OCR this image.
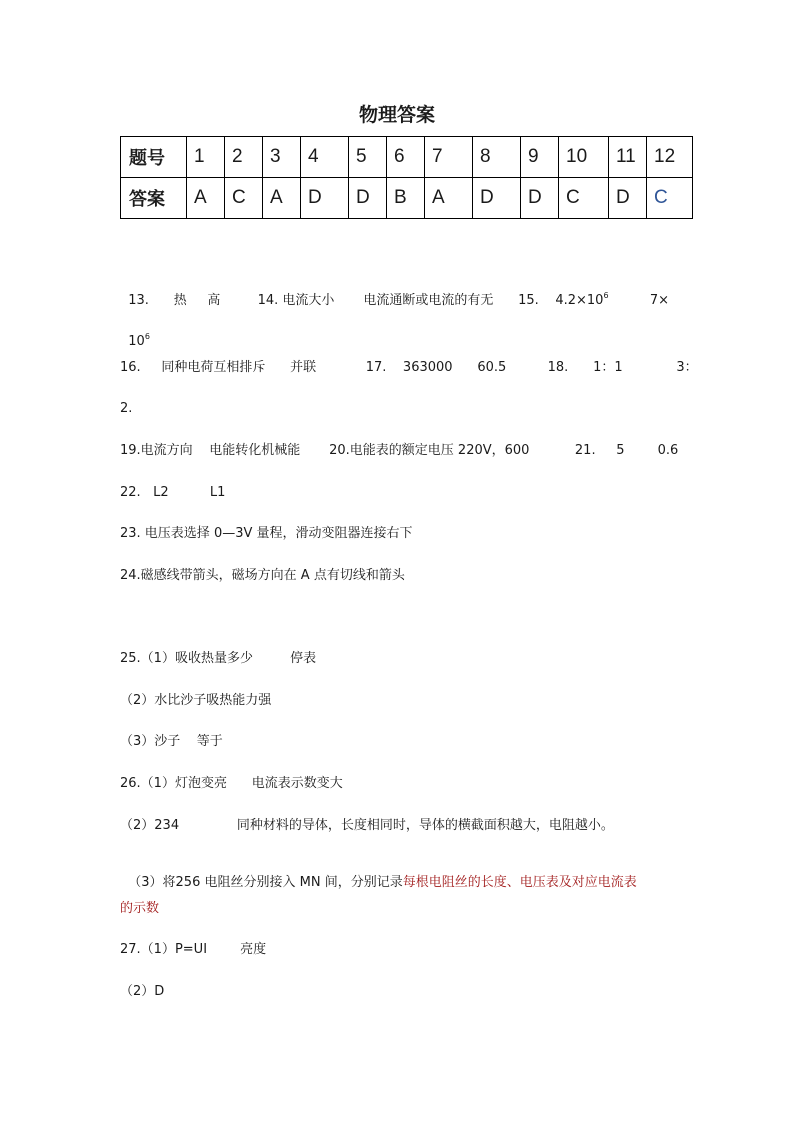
物理答案
题号	1	2	3	4	5	6	7	8	9	10	11	12
答案	A	C	A	D	D	B	A	D	D	C	D	C

13.      热     高         14. 电流大小       电流通断或电流的有无      15.    $4.2\times 10^6$          7×

$10^6$

16.     同种电荷互相排斥      并联            17.    363000      60.5          18.      1：1             3：
2.
19.电流方向    电能转化机械能       20.电能表的额定电压 220V，600           21.     5        0.6
22.   L2          L1
23. 电压表选择 0—3V 量程，滑动变阻器连接右下
24.磁感线带箭头，磁场方向在 A 点有切线和箭头
25.（1）吸收热量多少         停表
（2）水比沙子吸热能力强
（3）沙子    等于
26.（1）灯泡变亮      电流表示数变大
（2）234              同种材料的导体，长度相同时，导体的横截面积越大，电阻越小。

（3）将256 电阻丝分别接入 MN 间，分别记录每根电阻丝的长度、电压表及对应电流表

的示数
27.（1）P=UI        亮度
（2）D
